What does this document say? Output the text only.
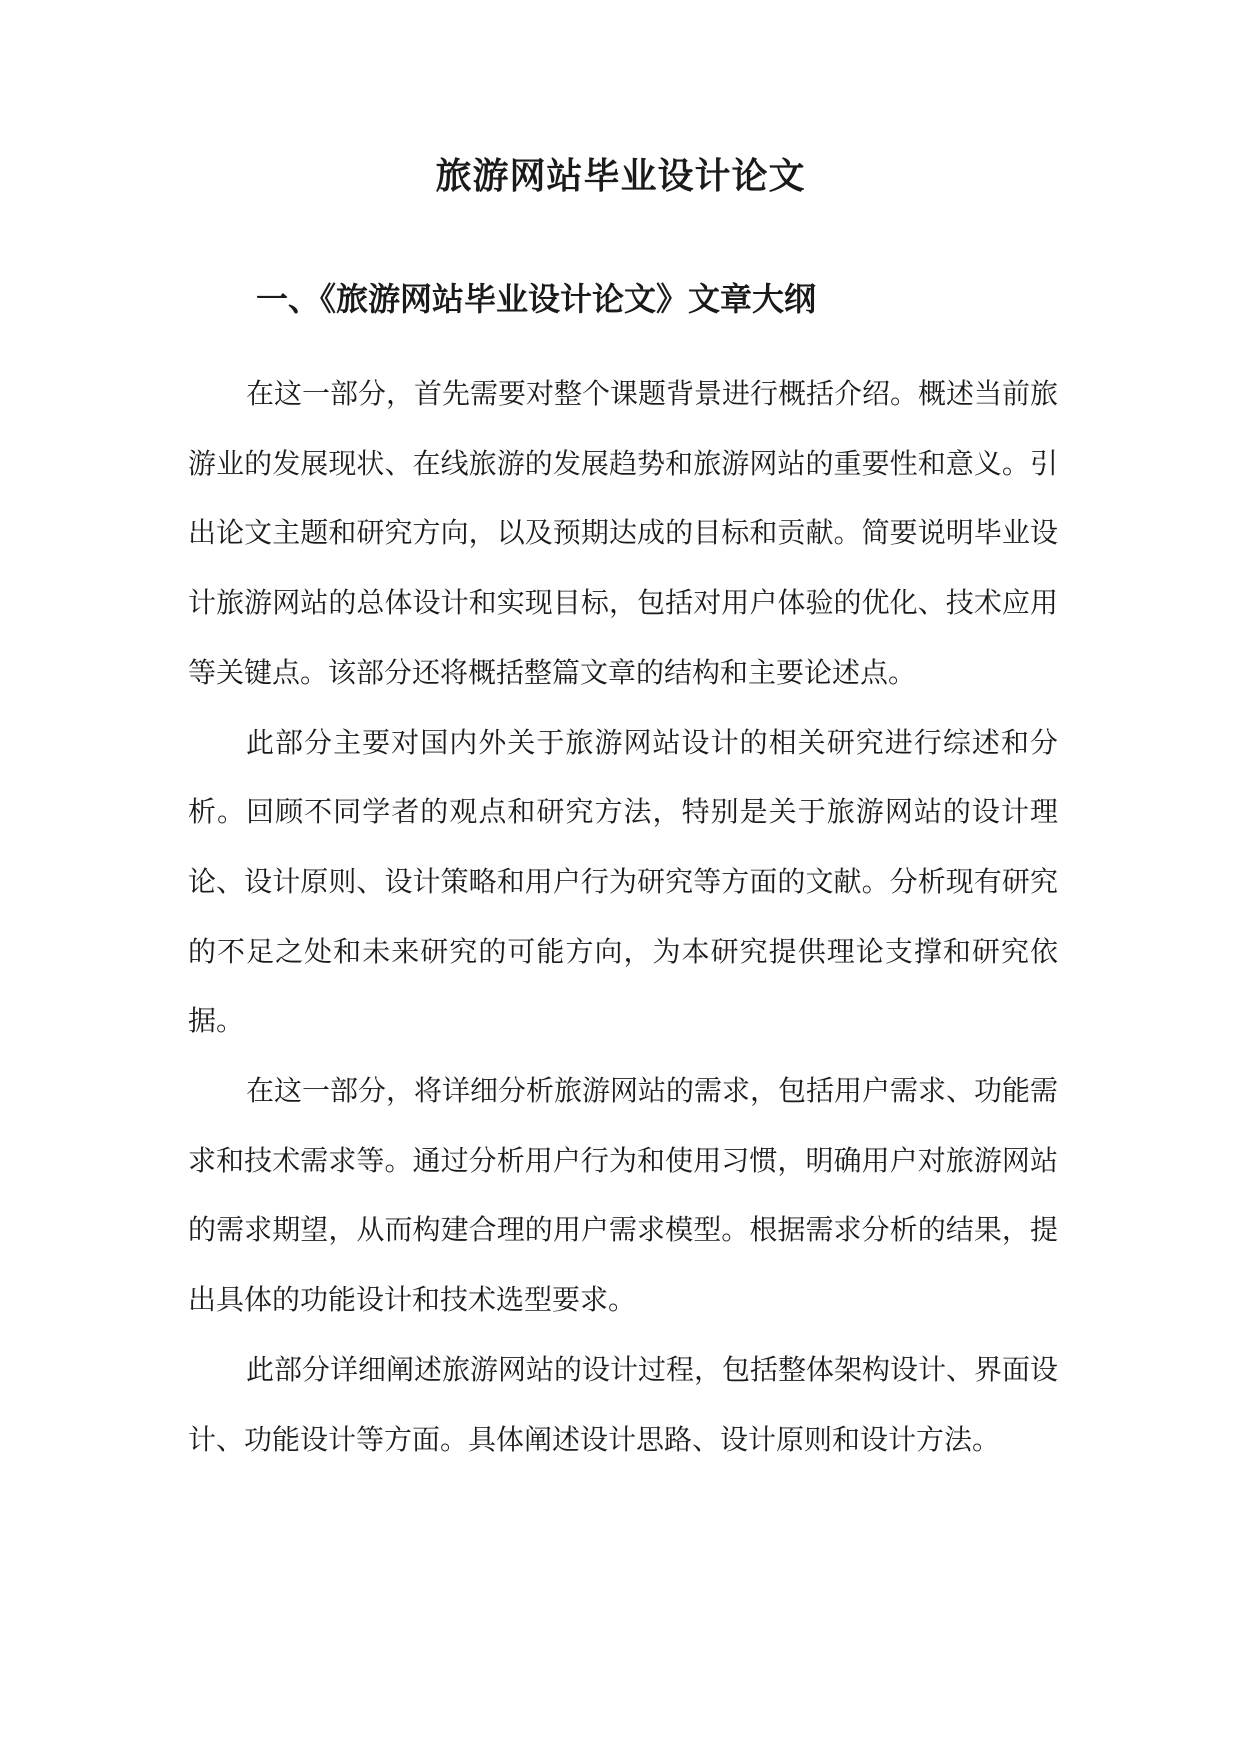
旅游网站毕业设计论文
一、《旅游网站毕业设计论文》文章大纲

在这一部分，首先需要对整个课题背景进行概括介绍。概述当前旅游业的发展现状、在线旅游的发展趋势和旅游网站的重要性和意义。引出论文主题和研究方向，以及预期达成的目标和贡献。简要说明毕业设计旅游网站的总体设计和实现目标，包括对用户体验的优化、技术应用等关键点。该部分还将概括整篇文章的结构和主要论述点。

此部分主要对国内外关于旅游网站设计的相关研究进行综述和分析。回顾不同学者的观点和研究方法，特别是关于旅游网站的设计理论、设计原则、设计策略和用户行为研究等方面的文献。分析现有研究的不足之处和未来研究的可能方向，为本研究提供理论支撑和研究依据。

在这一部分，将详细分析旅游网站的需求，包括用户需求、功能需求和技术需求等。通过分析用户行为和使用习惯，明确用户对旅游网站的需求期望，从而构建合理的用户需求模型。根据需求分析的结果，提出具体的功能设计和技术选型要求。

此部分详细阐述旅游网站的设计过程，包括整体架构设计、界面设计、功能设计等方面。具体阐述设计思路、设计原则和设计方法。
